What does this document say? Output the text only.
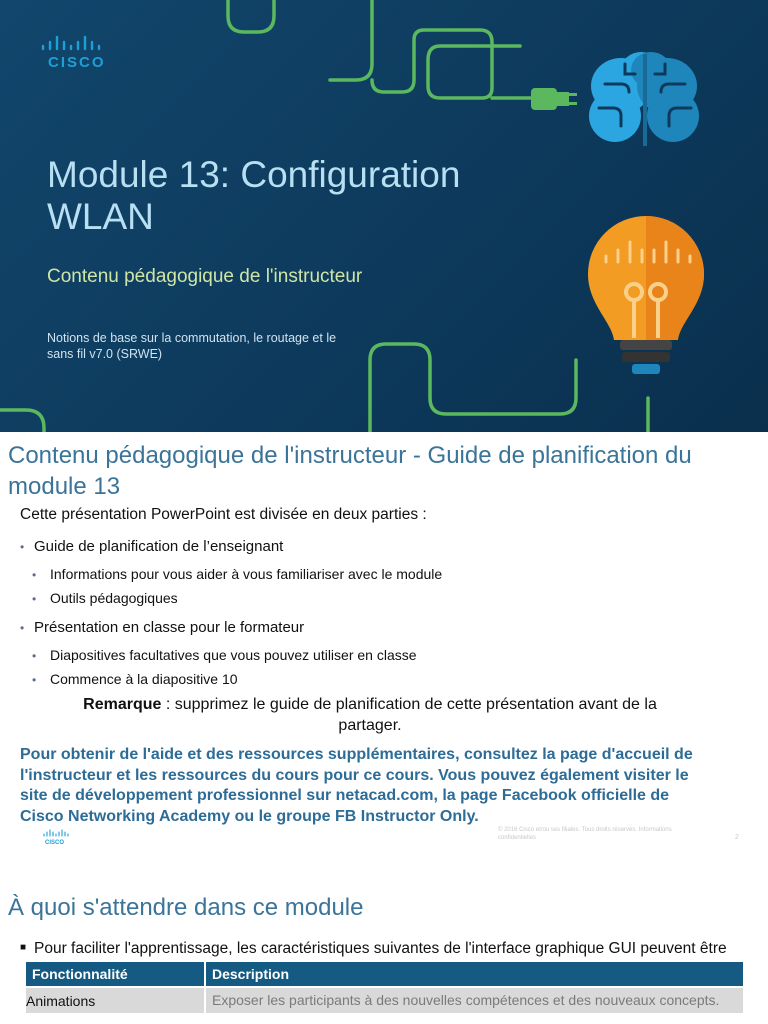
CISCO
Module 13: Configuration WLAN
Contenu pédagogique de l'instructeur
Notions de base sur la commutation, le routage et le sans fil v7.0 (SRWE)
Contenu pédagogique de l'instructeur - Guide de planification du module 13
Cette présentation PowerPoint est divisée en deux parties :
• Guide de planification de l’enseignant
• Informations pour vous aider à vous familiariser avec le module
• Outils pédagogiques
• Présentation en classe pour le formateur
• Diapositives facultatives que vous pouvez utiliser en classe
• Commence à la diapositive 10
Remarque : supprimez le guide de planification de cette présentation avant de la partager.
Pour obtenir de l'aide et des ressources supplémentaires, consultez la page d'accueil de l'instructeur et les ressources du cours pour ce cours. Vous pouvez également visiter le site de développement professionnel sur netacad.com, la page Facebook officielle de Cisco Networking Academy ou le groupe FB Instructor Only.
CISCO
© 2016 Cisco et/ou ses filiales. Tous droits réservés. Informations confidentielles	2
À quoi s'attendre dans ce module
■ Pour faciliter l'apprentissage, les caractéristiques suivantes de l'interface graphique GUI peuvent être
Fonctionnalité	Description
Animations	Exposer les participants à des nouvelles compétences et des nouveaux concepts.
